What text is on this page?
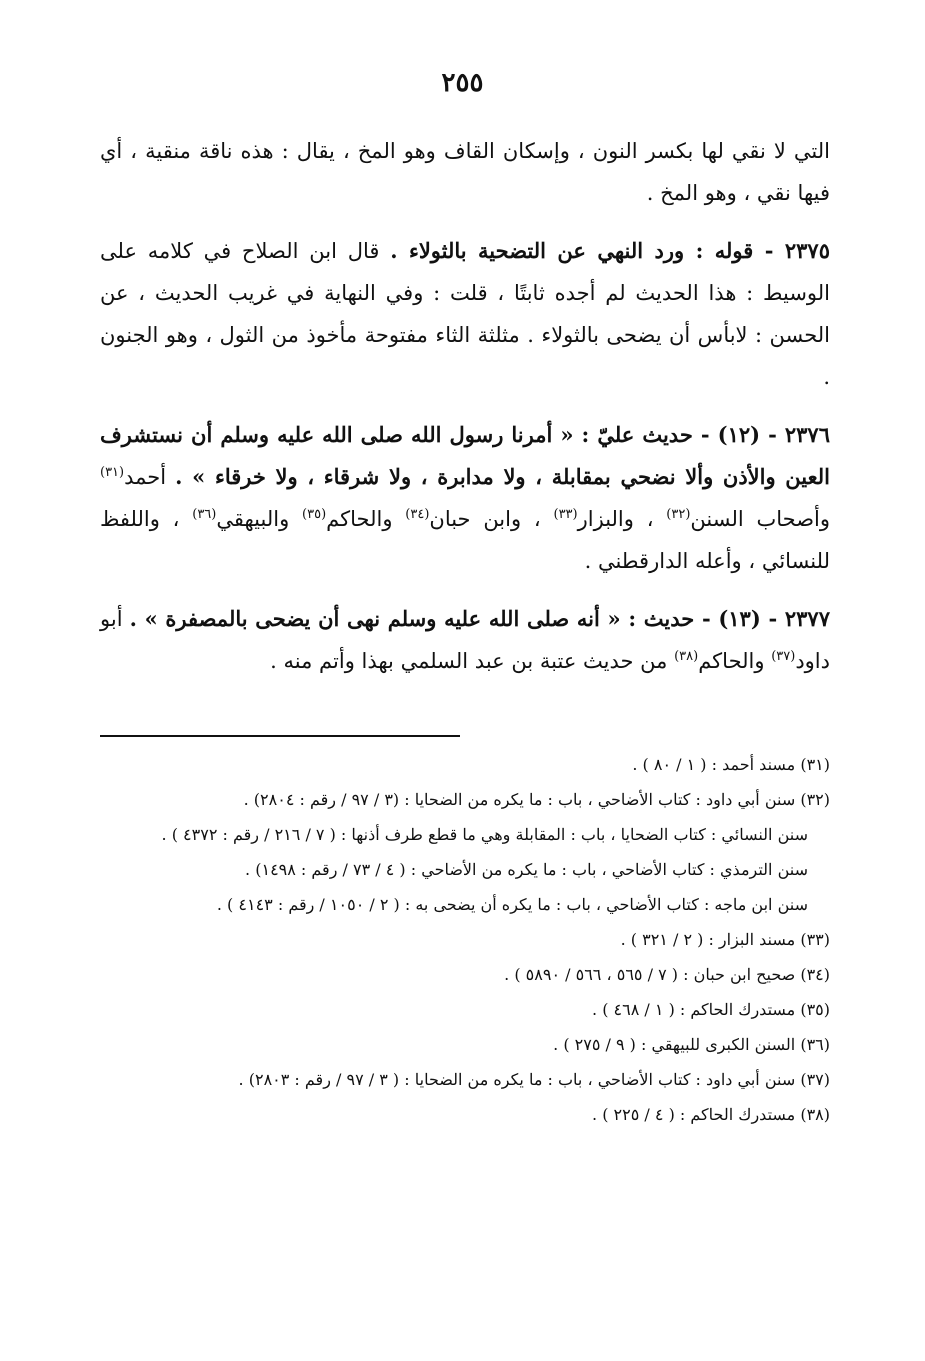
٢٥٥

التي لا نقي لها بكسر النون ، وإسكان القاف وهو المخ ، يقال : هذه ناقة منقية ، أي فيها نقي ، وهو المخ .

٢٣٧٥ - قوله : ورد النهي عن التضحية بالثولاء . قال ابن الصلاح في كلامه على الوسيط : هذا الحديث لم أجده ثابتًا ، قلت : وفي النهاية في غريب الحديث ، عن الحسن : لابأس أن يضحى بالثولاء . مثلثة الثاء مفتوحة مأخوذ من الثول ، وهو الجنون .

٢٣٧٦ - (١٢) - حديث عليّ : « أمرنا رسول الله صلى الله عليه وسلم أن نستشرف العين والأذن وألا نضحي بمقابلة ، ولا مدابرة ، ولا شرقاء ، ولا خرقاء » . أحمد$^{(٣١)}$ وأصحاب السنن$^{(٣٢)}$ ، والبزار$^{(٣٣)}$ ، وابن حبان$^{(٣٤)}$ والحاكم$^{(٣٥)}$ والبيهقي$^{(٣٦)}$ ، واللفظ للنسائي ، وأعله الدارقطني .

٢٣٧٧ - (١٣) - حديث : « أنه صلى الله عليه وسلم نهى أن يضحى بالمصفرة » . أبو داود$^{(٣٧)}$ والحاكم$^{(٣٨)}$ من حديث عتبة بن عبد السلمي بهذا وأتم منه .

(٣١) مسند أحمد : ( ١ / ٨٠ ) .

(٣٢) سنن أبي داود : كتاب الأضاحي ، باب : ما يكره من الضحايا : (٣ / ٩٧ / رقم : ٢٨٠٤) .

سنن النسائي : كتاب الضحايا ، باب : المقابلة وهي ما قطع طرف أذنها : ( ٧ / ٢١٦ / رقم : ٤٣٧٢ ) .

سنن الترمذي : كتاب الأضاحي ، باب : ما يكره من الأضاحي : ( ٤ / ٧٣ / رقم : ١٤٩٨) .

سنن ابن ماجه : كتاب الأضاحي ، باب : ما يكره أن يضحى به : ( ٢ / ١٠٥٠ / رقم : ٤١٤٣ ) .

(٣٣) مسند البزار : ( ٢ / ٣٢١ ) .

(٣٤) صحيح ابن حبان : ( ٧ / ٥٦٥ ، ٥٦٦ / ٥٨٩٠ ) .

(٣٥) مستدرك الحاكم : ( ١ / ٤٦٨ ) .

(٣٦) السنن الكبرى للبيهقي : ( ٩ / ٢٧٥ ) .

(٣٧) سنن أبي داود : كتاب الأضاحي ، باب : ما يكره من الضحايا : ( ٣ / ٩٧ / رقم : ٢٨٠٣) .

(٣٨) مستدرك الحاكم : ( ٤ / ٢٢٥ ) .
